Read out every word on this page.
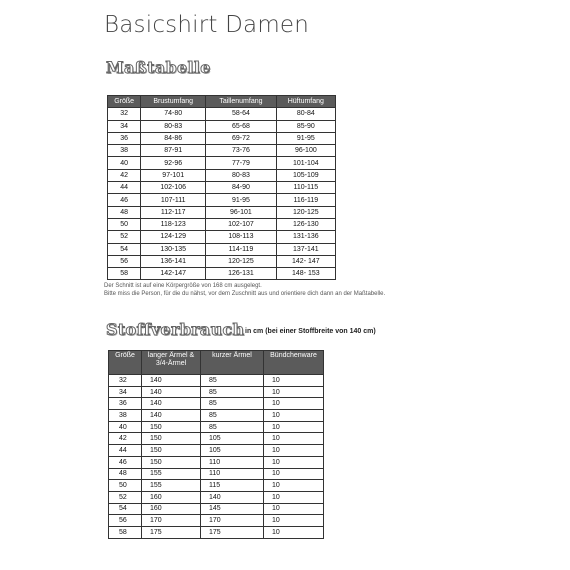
Basicshirt Damen
Maßtabelle
Größe	Brustumfang	Taillenumfang	Hüftumfang
32	74-80	58-64	80-84
34	80-83	65-68	85-90
36	84-86	69-72	91-95
38	87-91	73-76	96-100
40	92-96	77-79	101-104
42	97-101	80-83	105-109
44	102-106	84-90	110-115
46	107-111	91-95	116-119
48	112-117	96-101	120-125
50	118-123	102-107	126-130
52	124-129	108-113	131-136
54	130-135	114-119	137-141
56	136-141	120-125	142- 147
58	142-147	126-131	148- 153
Der Schnitt ist auf eine Körpergröße von 168 cm ausgelegt.
Bitte miss die Person, für die du nähst, vor dem Zuschnitt aus und orientiere dich dann an der Maßtabelle.
Stoffverbrauch in cm (bei einer Stoffbreite von 140 cm)
Größe	langer Ärmel & 3/4-Ärmel	kurzer Ärmel	Bündchenware
32	140	85	10
34	140	85	10
36	140	85	10
38	140	85	10
40	150	85	10
42	150	105	10
44	150	105	10
46	150	110	10
48	155	110	10
50	155	115	10
52	160	140	10
54	160	145	10
56	170	170	10
58	175	175	10
